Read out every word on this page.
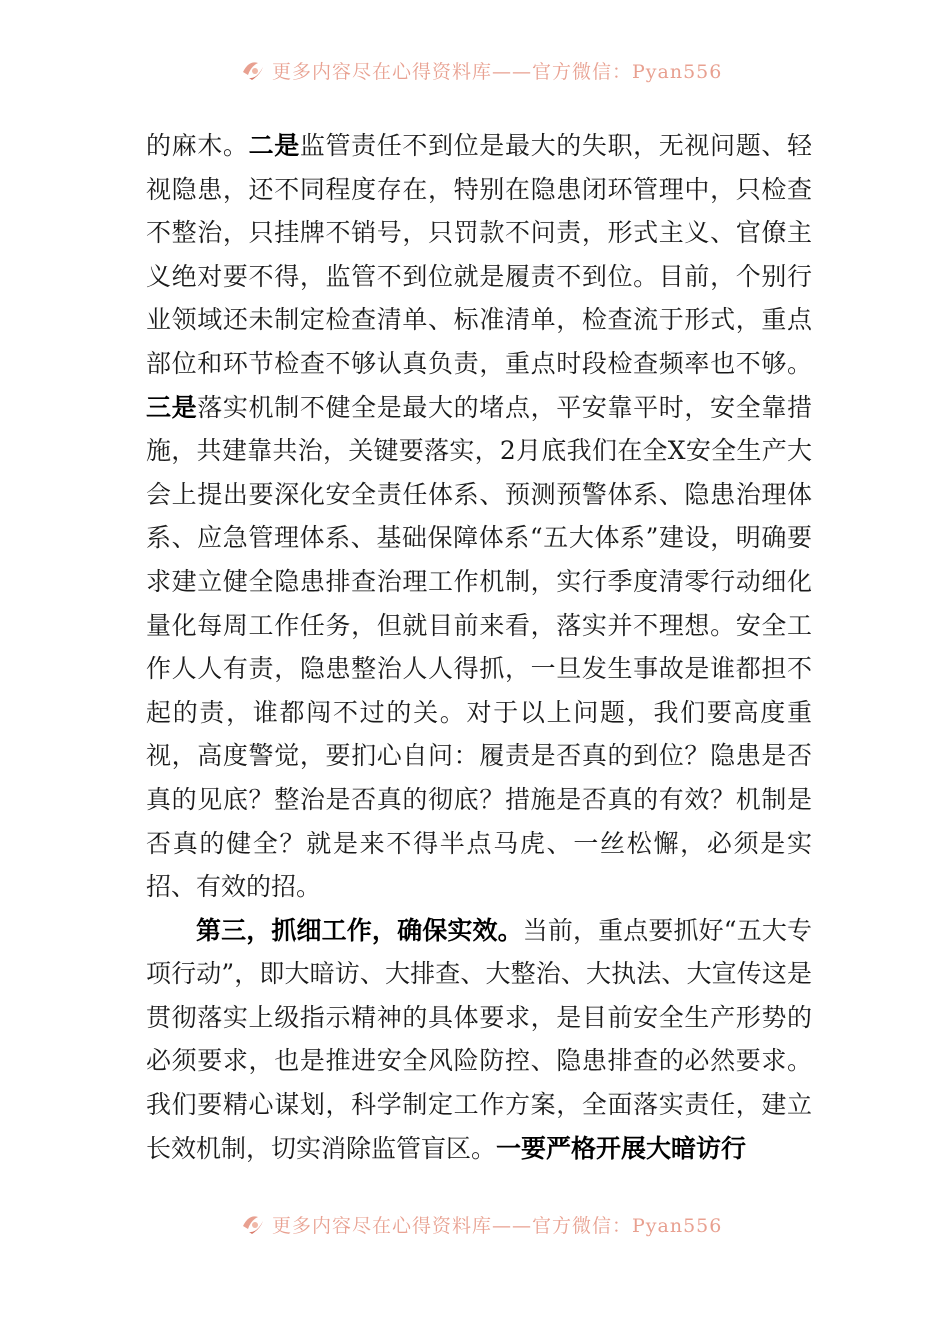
更多内容尽在心得资料库——官方微信：Pyan556

的麻木。二是监管责任不到位是最大的失职，无视问题、轻视隐患，还不同程度存在，特别在隐患闭环管理中，只检查不整治，只挂牌不销号，只罚款不问责，形式主义、官僚主义绝对要不得，监管不到位就是履责不到位。目前，个别行业领域还未制定检查清单、标准清单，检查流于形式，重点部位和环节检查不够认真负责，重点时段检查频率也不够。三是落实机制不健全是最大的堵点，平安靠平时，安全靠措施，共建靠共治，关键要落实，2月底我们在全X安全生产大会上提出要深化安全责任体系、预测预警体系、隐患治理体系、应急管理体系、基础保障体系“五大体系”建设，明确要求建立健全隐患排查治理工作机制，实行季度清零行动细化量化每周工作任务，但就目前来看，落实并不理想。安全工作人人有责，隐患整治人人得抓，一旦发生事故是谁都担不起的责，谁都闯不过的关。对于以上问题，我们要高度重视，高度警觉，要扪心自问：履责是否真的到位？隐患是否真的见底？整治是否真的彻底？措施是否真的有效？机制是否真的健全？就是来不得半点马虎、一丝松懈，必须是实招、有效的招。

第三，抓细工作，确保实效。当前，重点要抓好“五大专项行动”，即大暗访、大排查、大整治、大执法、大宣传这是贯彻落实上级指示精神的具体要求，是目前安全生产形势的必须要求，也是推进安全风险防控、隐患排查的必然要求。我们要精心谋划，科学制定工作方案，全面落实责任，建立长效机制，切实消除监管盲区。一要严格开展大暗访行

更多内容尽在心得资料库——官方微信：Pyan556
